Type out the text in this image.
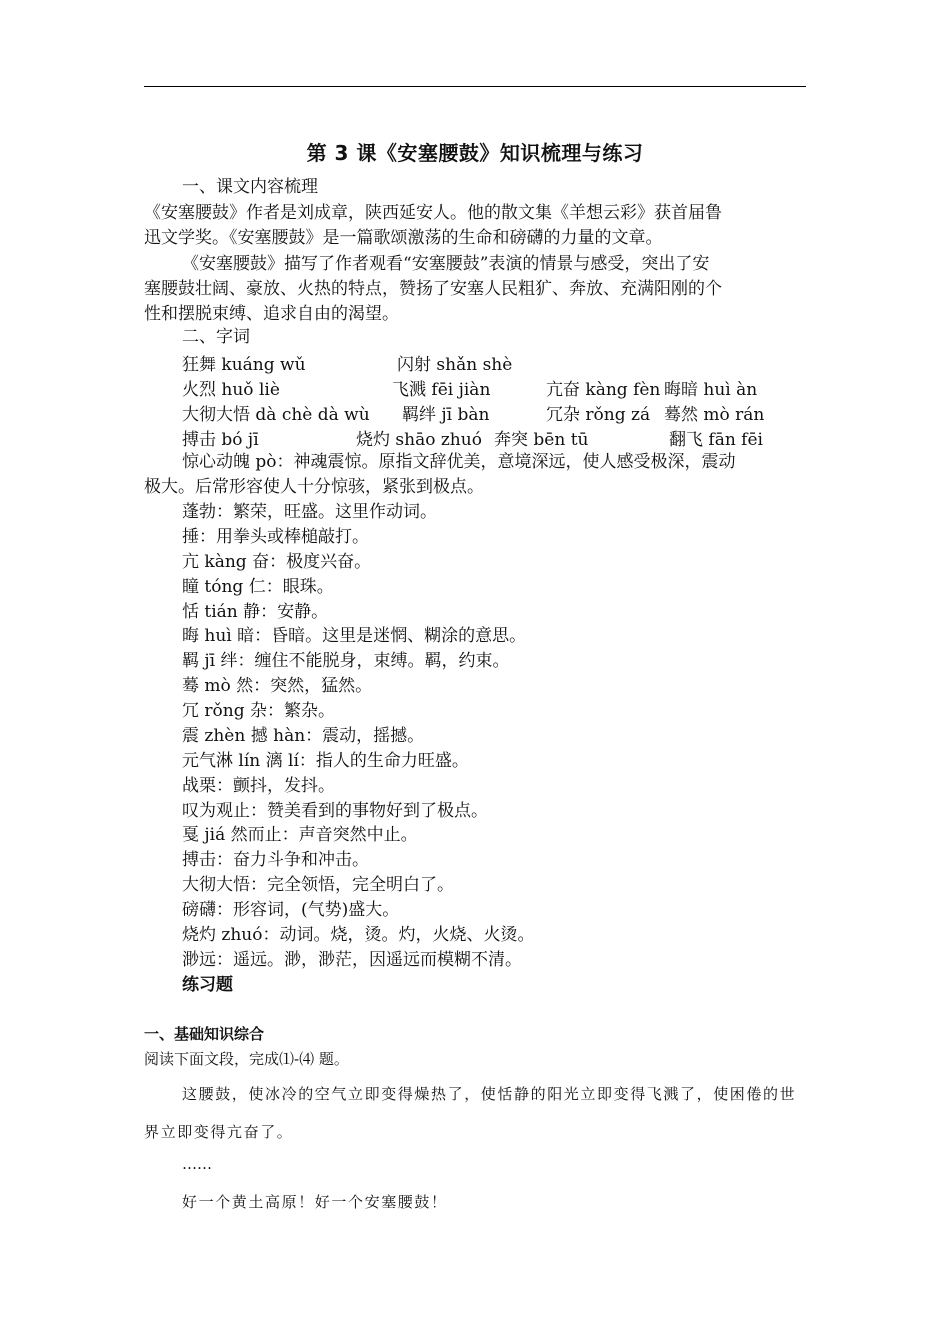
第 3 课《安塞腰鼓》知识梳理与练习
一、课文内容梳理
《安塞腰鼓》作者是刘成章，陕西延安人。他的散文集《羊想云彩》获首届鲁
迅文学奖。《安塞腰鼓》是一篇歌颂激荡的生命和磅礴的力量的文章。
《安塞腰鼓》描写了作者观看“安塞腰鼓”表演的情景与感受，突出了安
塞腰鼓壮阔、豪放、火热的特点，赞扬了安塞人民粗犷、奔放、充满阳刚的个
性和摆脱束缚、追求自由的渴望。
二、字词
狂舞 kuáng wǔ	闪射 shǎn shè
火烈 huǒ liè	飞溅 fēi jiàn	亢奋 kàng fèn 晦暗 huì àn
大彻大悟 dà chè dà wù 羁绊 jī bàn	冗杂 rǒng zá 蓦然 mò rán
搏击 bó jī	烧灼 shāo zhuó 奔突 bēn tū	翻飞 fān fēi
惊心动魄 pò：神魂震惊。原指文辞优美，意境深远，使人感受极深，震动
极大。后常形容使人十分惊骇，紧张到极点。
蓬勃：繁荣，旺盛。这里作动词。
捶：用拳头或棒槌敲打。
亢 kàng 奋：极度兴奋。
瞳 tóng 仁：眼珠。
恬 tián 静：安静。
晦 huì 暗：昏暗。这里是迷惘、糊涂的意思。
羁 jī 绊：缠住不能脱身，束缚。羁，约束。
蓦 mò 然：突然，猛然。
冗 rǒng 杂：繁杂。
震 zhèn 撼 hàn：震动，摇撼。
元气淋 lín 漓 lí：指人的生命力旺盛。
战栗：颤抖，发抖。
叹为观止：赞美看到的事物好到了极点。
戛 jiá 然而止：声音突然中止。
搏击：奋力斗争和冲击。
大彻大悟：完全领悟，完全明白了。
磅礴：形容词，(气势)盛大。
烧灼 zhuó：动词。烧，烫。灼，火烧、火烫。
渺远：遥远。渺，渺茫，因遥远而模糊不清。
练习题
一、基础知识综合
阅读下面文段，完成⑴-⑷ 题。
这腰鼓，使冰冷的空气立即变得燥热了，使恬静的阳光立即变得飞溅了，使困倦的世
界立即变得亢奋了。
……
好一个黄土高原！好一个安塞腰鼓！
